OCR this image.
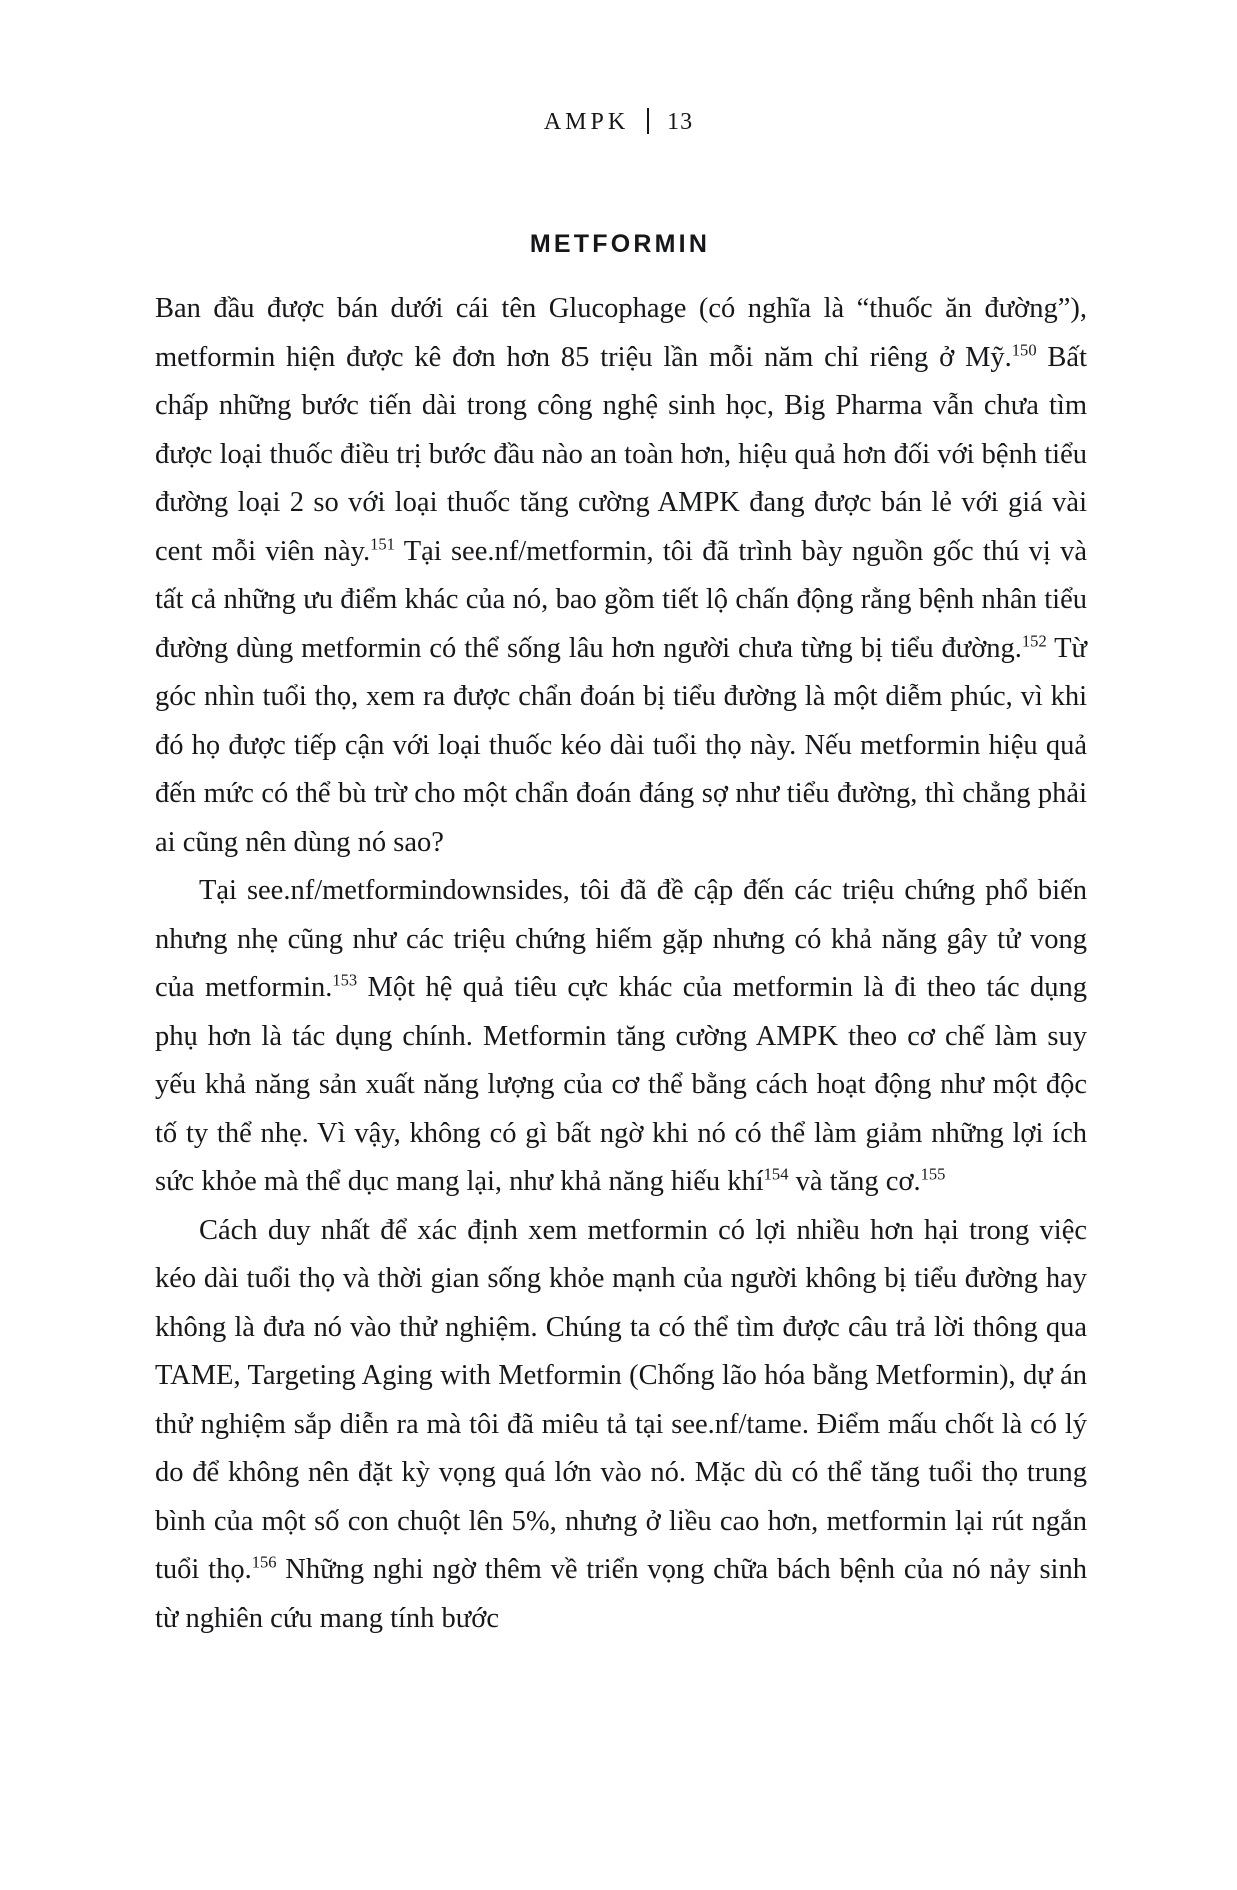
AMPK 13
METFORMIN

Ban đầu được bán dưới cái tên Glucophage (có nghĩa là “thuốc ăn đường”), metformin hiện được kê đơn hơn 85 triệu lần mỗi năm chỉ riêng ở Mỹ.$^{150}$ Bất chấp những bước tiến dài trong công nghệ sinh học, Big Pharma vẫn chưa tìm được loại thuốc điều trị bước đầu nào an toàn hơn, hiệu quả hơn đối với bệnh tiểu đường loại 2 so với loại thuốc tăng cường AMPK đang được bán lẻ với giá vài cent mỗi viên này.$^{151}$ Tại see.nf/metformin, tôi đã trình bày nguồn gốc thú vị và tất cả những ưu điểm khác của nó, bao gồm tiết lộ chấn động rằng bệnh nhân tiểu đường dùng metformin có thể sống lâu hơn người chưa từng bị tiểu đường.$^{152}$ Từ góc nhìn tuổi thọ, xem ra được chẩn đoán bị tiểu đường là một diễm phúc, vì khi đó họ được tiếp cận với loại thuốc kéo dài tuổi thọ này. Nếu metformin hiệu quả đến mức có thể bù trừ cho một chẩn đoán đáng sợ như tiểu đường, thì chẳng phải ai cũng nên dùng nó sao?

Tại see.nf/metformindownsides, tôi đã đề cập đến các triệu chứng phổ biến nhưng nhẹ cũng như các triệu chứng hiếm gặp nhưng có khả năng gây tử vong của metformin.$^{153}$ Một hệ quả tiêu cực khác của metformin là đi theo tác dụng phụ hơn là tác dụng chính. Metformin tăng cường AMPK theo cơ chế làm suy yếu khả năng sản xuất năng lượng của cơ thể bằng cách hoạt động như một độc tố ty thể nhẹ. Vì vậy, không có gì bất ngờ khi nó có thể làm giảm những lợi ích sức khỏe mà thể dục mang lại, như khả năng hiếu khí$^{154}$ và tăng cơ.$^{155}$

Cách duy nhất để xác định xem metformin có lợi nhiều hơn hại trong việc kéo dài tuổi thọ và thời gian sống khỏe mạnh của người không bị tiểu đường hay không là đưa nó vào thử nghiệm. Chúng ta có thể tìm được câu trả lời thông qua TAME, Targeting Aging with Metformin (Chống lão hóa bằng Metformin), dự án thử nghiệm sắp diễn ra mà tôi đã miêu tả tại see.nf/tame. Điểm mấu chốt là có lý do để không nên đặt kỳ vọng quá lớn vào nó. Mặc dù có thể tăng tuổi thọ trung bình của một số con chuột lên 5%, nhưng ở liều cao hơn, metformin lại rút ngắn tuổi thọ.$^{156}$ Những nghi ngờ thêm về triển vọng chữa bách bệnh của nó nảy sinh từ nghiên cứu mang tính bước
